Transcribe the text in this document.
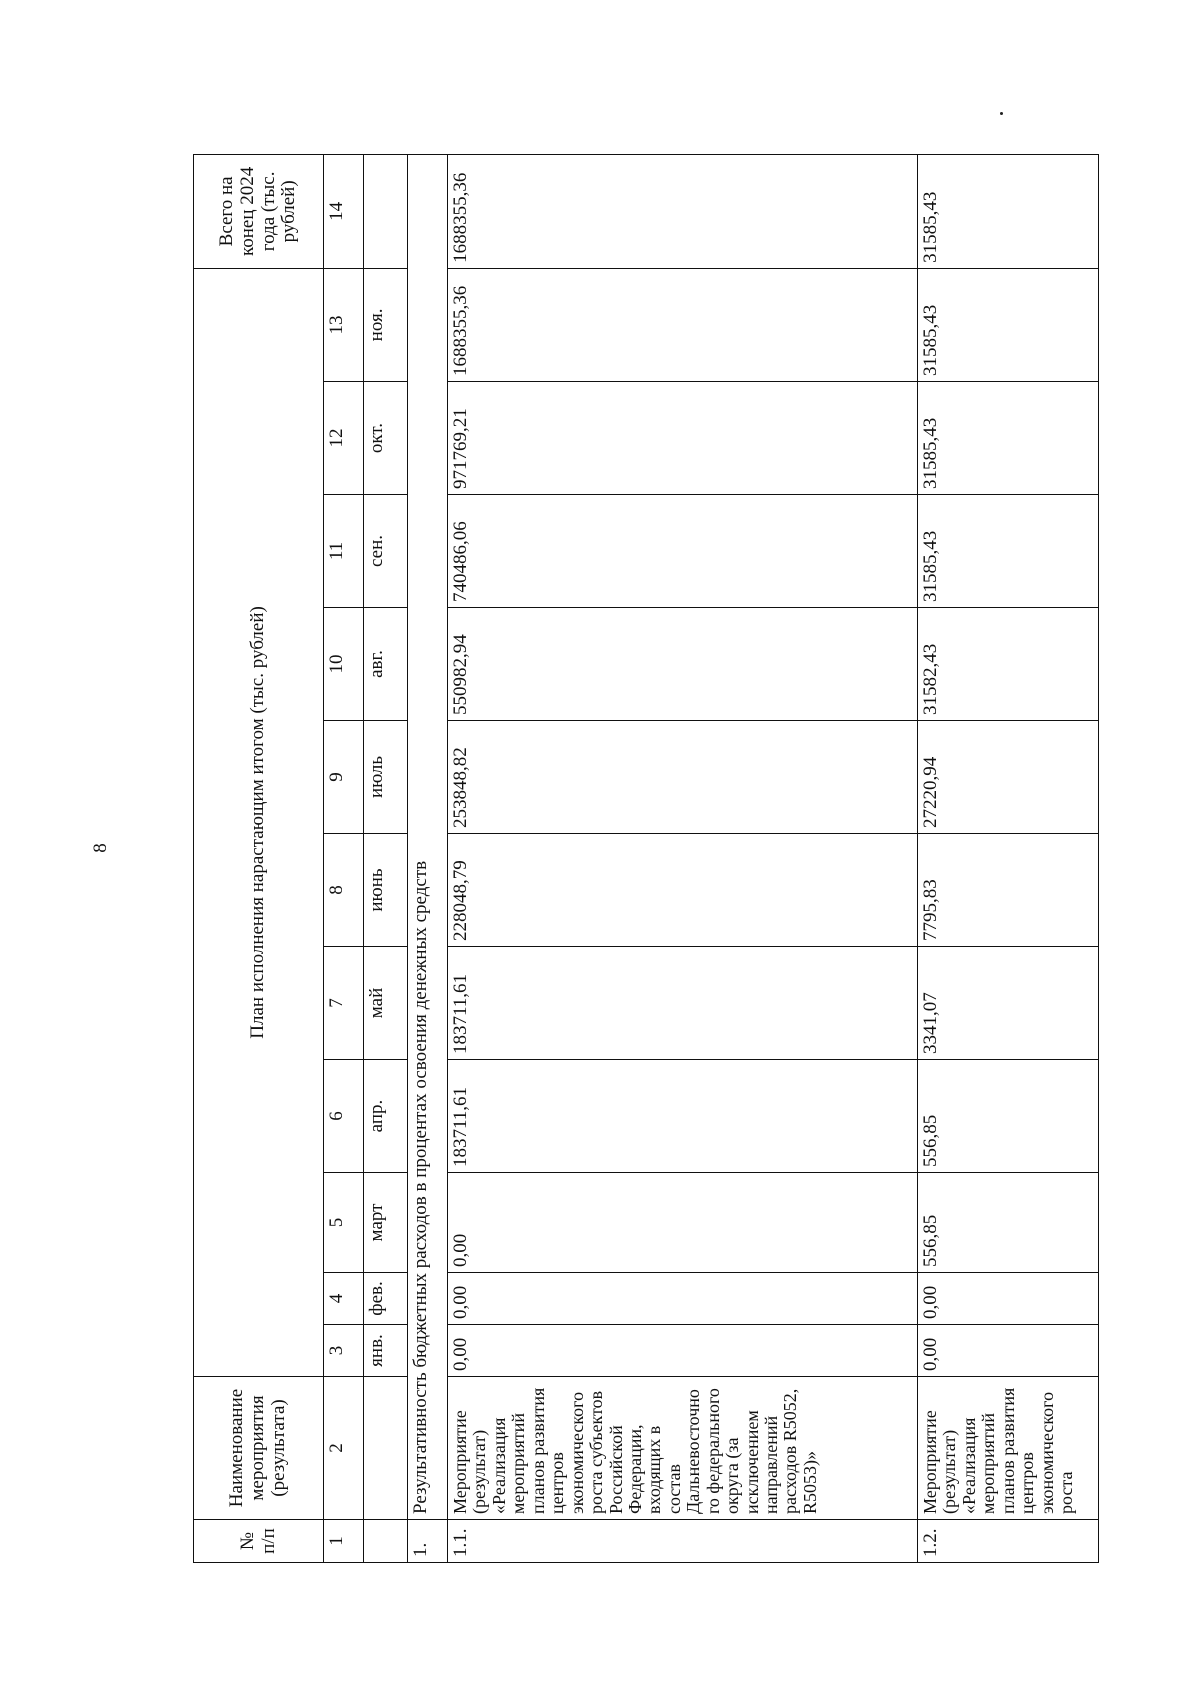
8
№ п/п	Наименование мероприятия (результата)	План исполнения нарастающим итогом (тыс. рублей)											Всего на конец 2024 года (тыс. рублей)
1	2	3	4	5	6	7	8	9	10	11	12	13	14
		янв.	фев.	март	апр.	май	июнь	июль	авг.	сен.	окт.	ноя.	
1.	Результативность бюджетных расходов в процентах освоения денежных средств												
1.1.	Мероприятие (результат) «Реализация мероприятий планов развития центров экономического роста субъектов Российской Федерации, входящих в состав Дальневосточного федерального округа (за исключением направлений расходов R5052, R5053)»	0,00	0,00	0,00	183711,61	183711,61	228048,79	253848,82	550982,94	740486,06	971769,21	1688355,36	1688355,36
1.2.	Мероприятие (результат) «Реализация мероприятий планов развития центров экономического роста	0,00	0,00	556,85	556,85	3341,07	7795,83	27220,94	31582,43	31585,43	31585,43	31585,43	31585,43
